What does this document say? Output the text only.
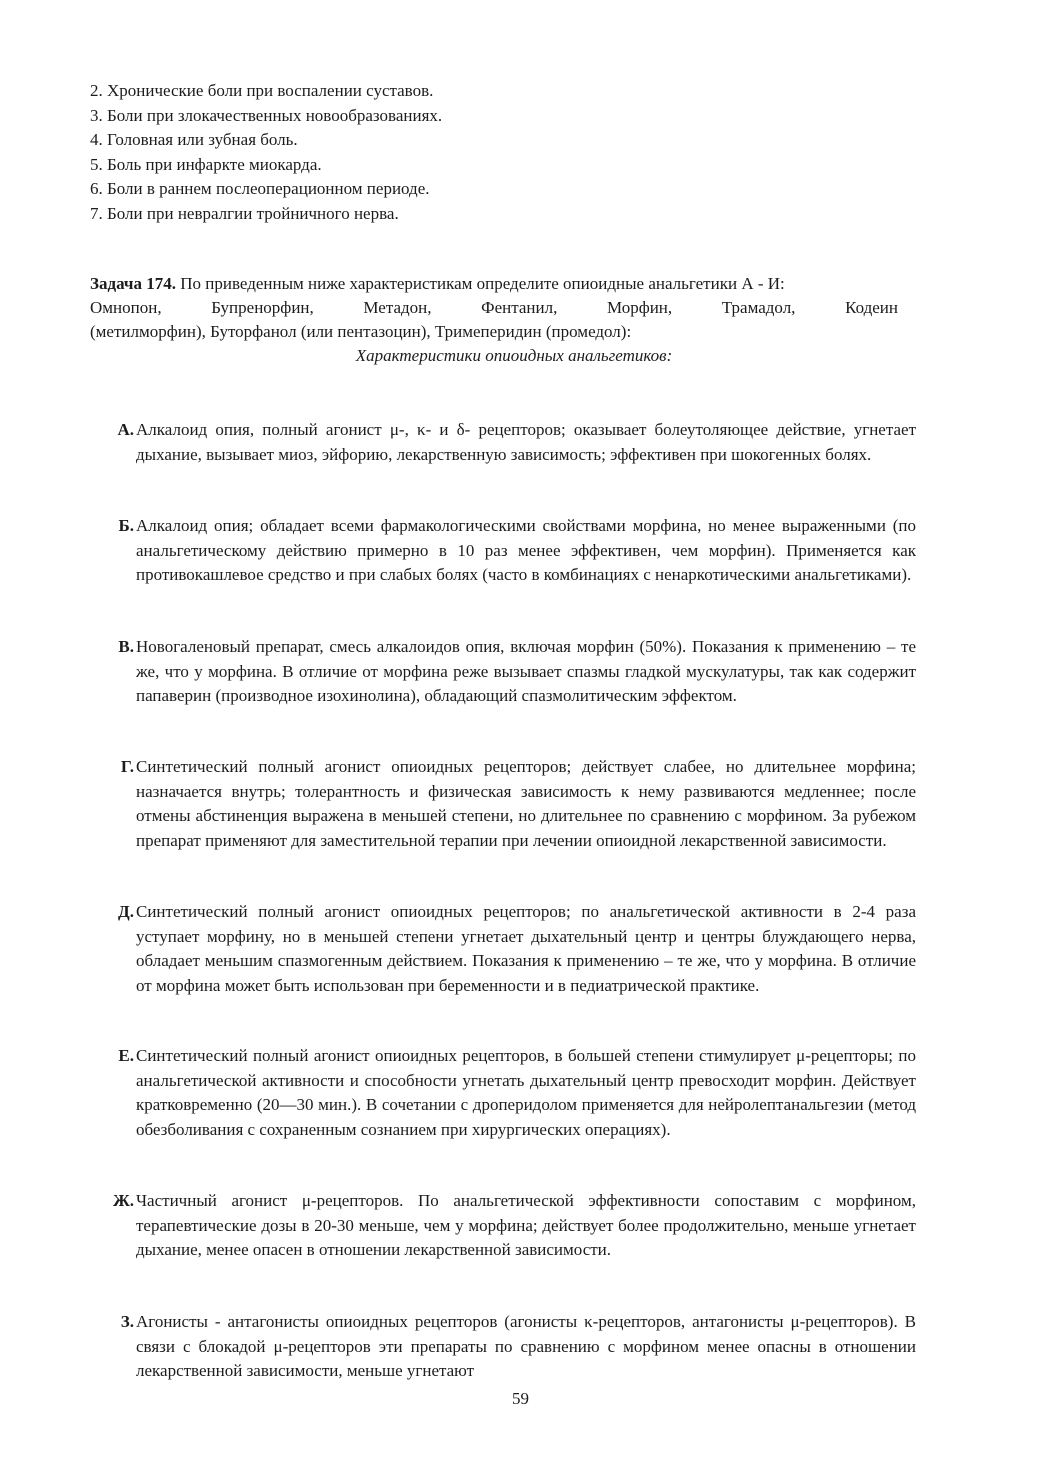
2. Хронические боли при воспалении суставов.
3. Боли при злокачественных новообразованиях.
4. Головная или зубная боль.
5. Боль при инфаркте миокарда.
6. Боли в раннем послеоперационном периоде.
7. Боли при невралгии тройничного нерва.

Задача 174. По приведенным ниже характеристикам определите опиоидные анальгетики А - И:

Омнопон,	Бупренорфин,	Метадон,	Фентанил,	Морфин,	Трамадол,	Кодеин

(метилморфин), Буторфанол (или пентазоцин), Тримеперидин (промедол):

Характеристики опиоидных анальгетиков:
А. Алкалоид опия, полный агонист μ-, κ- и δ- рецепторов; оказывает болеутоляющее действие, угнетает дыхание, вызывает миоз, эйфорию, лекарственную зависимость; эффективен при шокогенных болях.
Б. Алкалоид опия; обладает всеми фармакологическими свойствами морфина, но менее выраженными (по анальгетическому действию примерно в 10 раз менее эффективен, чем морфин). Применяется как противокашлевое средство и при слабых болях (часто в комбинациях с ненаркотическими анальгетиками).
В. Новогаленовый препарат, смесь алкалоидов опия, включая морфин (50%). Показания к применению – те же, что у морфина. В отличие от морфина реже вызывает спазмы гладкой мускулатуры, так как содержит папаверин (производное изохинолина), обладающий спазмолитическим эффектом.
Г. Синтетический полный агонист опиоидных рецепторов; действует слабее, но длительнее морфина; назначается внутрь; толерантность и физическая зависимость к нему развиваются медленнее; после отмены абстиненция выражена в меньшей степени, но длительнее по сравнению с морфином. За рубежом препарат применяют для заместительной терапии при лечении опиоидной лекарственной зависимости.
Д. Синтетический полный агонист опиоидных рецепторов; по анальгетической активности в 2-4 раза уступает морфину, но в меньшей степени угнетает дыхательный центр и центры блуждающего нерва, обладает меньшим спазмогенным действием. Показания к применению – те же, что у морфина. В отличие от морфина может быть использован при беременности и в педиатрической практике.
Е. Синтетический полный агонист опиоидных рецепторов, в большей степени стимулирует μ-рецепторы; по анальгетической активности и способности угнетать дыхательный центр превосходит морфин. Действует кратковременно (20—30 мин.). В сочетании с дроперидолом применяется для нейролептанальгезии (метод обезболивания с сохраненным сознанием при хирургических операциях).
Ж. Частичный агонист μ-рецепторов. По анальгетической эффективности сопоставим с морфином, терапевтические дозы в 20-30 меньше, чем у морфина; действует более продолжительно, меньше угнетает дыхание, менее опасен в отношении лекарственной зависимости.
З. Агонисты - антагонисты опиоидных рецепторов (агонисты κ-рецепторов, антагонисты μ-рецепторов). В связи с блокадой μ-рецепторов эти препараты по сравнению с морфином менее опасны в отношении лекарственной зависимости, меньше угнетают
59
